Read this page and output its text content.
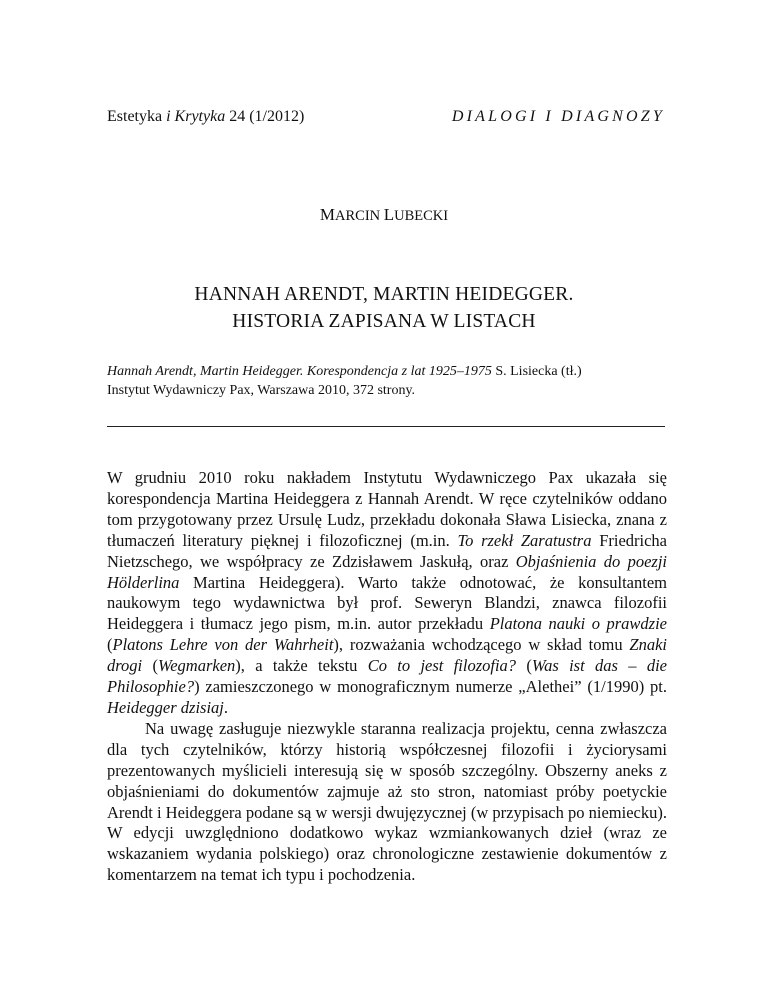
Estetyka i Krytyka 24 (1/2012)	DIALOGI I DIAGNOZY
MARCIN LUBECKI
HANNAH ARENDT, MARTIN HEIDEGGER.
HISTORIA ZAPISANA W LISTACH
Hannah Arendt, Martin Heidegger. Korespondencja z lat 1925–1975 S. Lisiecka (tł.)
Instytut Wydawniczy Pax, Warszawa 2010, 372 strony.

W grudniu 2010 roku nakładem Instytutu Wydawniczego Pax ukazała się korespondencja Martina Heideggera z Hannah Arendt. W ręce czytelników oddano tom przygotowany przez Ursulę Ludz, przekładu dokonała Sława Lisiecka, znana z tłumaczeń literatury pięknej i filozoficznej (m.in. To rzekł Zaratustra Friedricha Nietzschego, we współpracy ze Zdzisławem Jaskułą, oraz Objaśnienia do poezji Hölderlina Martina Heideggera). Warto także odnotować, że konsultantem naukowym tego wydawnictwa był prof. Seweryn Blandzi, znawca filozofii Heideggera i tłumacz jego pism, m.in. autor przekładu Platona nauki o prawdzie (Platons Lehre von der Wahrheit), rozważania wchodzącego w skład tomu Znaki drogi (Wegmarken), a także tekstu Co to jest filozofia? (Was ist das – die Philosophie?) zamieszczonego w monograficznym numerze „Alethei” (1/1990) pt. Heidegger dzisiaj.

Na uwagę zasługuje niezwykle staranna realizacja projektu, cenna zwłaszcza dla tych czytelników, którzy historią współczesnej filozofii i życiorysami prezentowanych myślicieli interesują się w sposób szczególny. Obszerny aneks z objaśnieniami do dokumentów zajmuje aż sto stron, natomiast próby poetyckie Arendt i Heideggera podane są w wersji dwujęzycznej (w przypisach po niemiecku). W edycji uwzględniono dodatkowo wykaz wzmiankowanych dzieł (wraz ze wskazaniem wydania polskiego) oraz chronologiczne zestawienie dokumentów z komentarzem na temat ich typu i pochodzenia.
